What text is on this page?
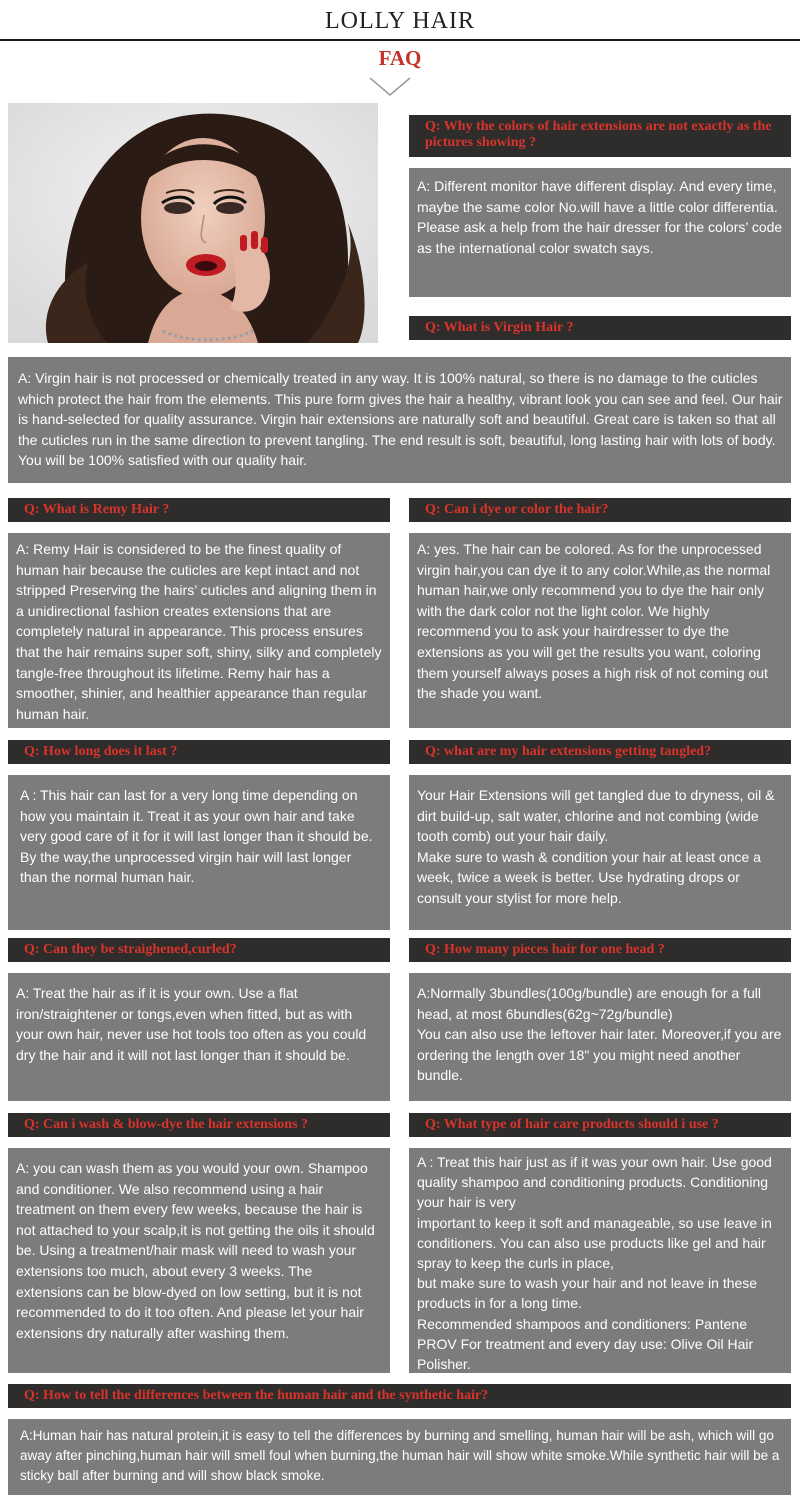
LOLLY HAIR
FAQ
Q: Why the colors of hair extensions are not exactly as the pictures showing ?
A: Different monitor have different display. And every time, maybe the same color No.will have a little color differentia. Please ask a help from the hair dresser for the colors’ code as the international color swatch says.
Q: What is Virgin Hair ?
A: Virgin hair is not processed or chemically treated in any way. It is 100% natural, so there is no damage to the cuticles which protect the hair from the elements. This pure form gives the hair a healthy, vibrant look you can see and feel. Our hair is hand-selected for quality assurance. Virgin hair extensions are naturally soft and beautiful. Great care is taken so that all the cuticles run in the same direction to prevent tangling. The end result is soft, beautiful, long lasting hair with lots of body. You will be 100% satisfied with our quality hair.
Q: What is Remy Hair ?
A: Remy Hair is considered to be the finest quality of human hair because the cuticles are kept intact and not stripped Preserving the hairs’ cuticles and aligning them in a unidirectional fashion creates extensions that are completely natural in appearance. This process ensures that the hair remains super soft, shiny, silky and completely tangle-free throughout its lifetime. Remy hair has a smoother, shinier, and healthier appearance than regular human hair.
Q: Can i dye or color the hair?
A: yes. The hair can be colored. As for the unprocessed virgin hair,you can dye it to any color.While,as the normal human hair,we only recommend you to dye the hair only with the dark color not the light color. We highly recommend you to ask your hairdresser to dye the extensions as you will get the results you want, coloring them yourself always poses a high risk of not coming out the shade you want.
Q: How long does it last ?
A : This hair can last for a very long time depending on how you maintain it. Treat it as your own hair and take very good care of it for it will last longer than it should be.
By the way,the unprocessed virgin hair will last longer than the normal human hair.
Q: what are my hair extensions getting tangled?
Your Hair Extensions will get tangled due to dryness, oil & dirt build-up, salt water, chlorine and not combing (wide tooth comb) out your hair daily.
Make sure to wash & condition your hair at least once a week, twice a week is better. Use hydrating drops or consult your stylist for more help.
Q: Can they be straighened,curled?
A: Treat the hair as if it is your own. Use a flat iron/straightener or tongs,even when fitted, but as with your own hair, never use hot tools too often as you could dry the hair and it will not last longer than it should be.
Q: How many pieces hair for one head ?
A:Normally 3bundles(100g/bundle) are enough for a full head, at most 6bundles(62g~72g/bundle)
You can also use the leftover hair later. Moreover,if you are ordering the length over 18" you might need another bundle.
Q: Can i wash & blow-dye the hair extensions ?
A: you can wash them as you would your own. Shampoo and conditioner. We also recommend using a hair treatment on them every few weeks, because the hair is not attached to your scalp,it is not getting the oils it should be. Using a treatment/hair mask will need to wash your extensions too much, about every 3 weeks. The extensions can be blow-dyed on low setting, but it is not recommended to do it too often. And please let your hair extensions dry naturally after washing them.
Q: What type of hair care products should i use ?
A : Treat this hair just as if it was your own hair. Use good quality shampoo and conditioning products. Conditioning your hair is very
important to keep it soft and manageable, so use leave in conditioners. You can also use products like gel and hair spray to keep the curls in place,
but make sure to wash your hair and not leave in these products in for a long time.
Recommended shampoos and conditioners: Pantene PROV For treatment and every day use: Olive Oil Hair Polisher.
Q: How to tell the differences between the human hair and the synthetic hair?
A:Human hair has natural protein,it is easy to tell the differences by burning and smelling, human hair will be ash, which will go away after pinching,human hair will smell foul when burning,the human hair will show white smoke.While synthetic hair will be a sticky ball after burning and will show black smoke.
